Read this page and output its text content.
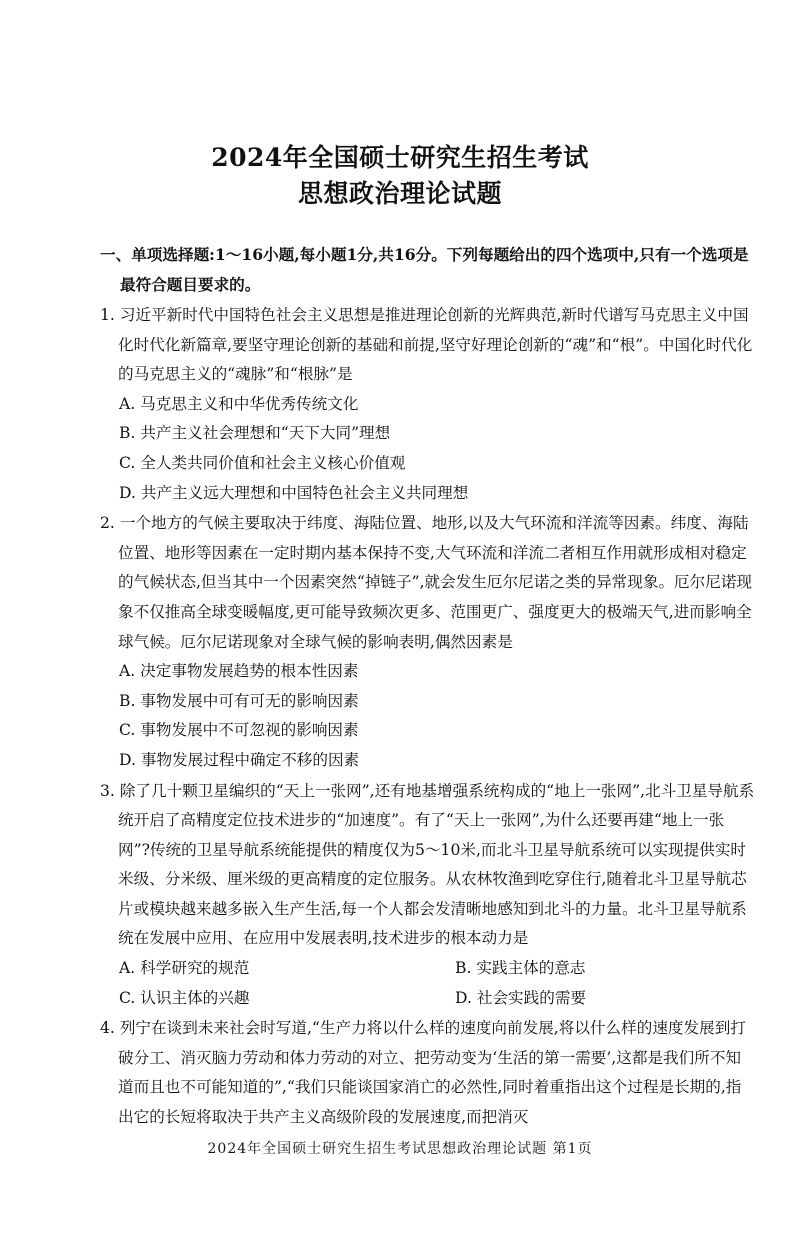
2024年全国硕士研究生招生考试

思想政治理论试题

一、单项选择题:1～16小题,每小题1分,共16分。下列每题给出的四个选项中,只有一个选项是最符合题目要求的。

1. 习近平新时代中国特色社会主义思想是推进理论创新的光辉典范,新时代谱写马克思主义中国化时代化新篇章,要坚守理论创新的基础和前提,坚守好理论创新的“魂”和“根”。中国化时代化的马克思主义的“魂脉”和“根脉”是

A. 马克思主义和中华优秀传统文化
B. 共产主义社会理想和“天下大同”理想
C. 全人类共同价值和社会主义核心价值观
D. 共产主义远大理想和中国特色社会主义共同理想

2. 一个地方的气候主要取决于纬度、海陆位置、地形,以及大气环流和洋流等因素。纬度、海陆位置、地形等因素在一定时期内基本保持不变,大气环流和洋流二者相互作用就形成相对稳定的气候状态,但当其中一个因素突然“掉链子”,就会发生厄尔尼诺之类的异常现象。厄尔尼诺现象不仅推高全球变暖幅度,更可能导致频次更多、范围更广、强度更大的极端天气,进而影响全球气候。厄尔尼诺现象对全球气候的影响表明,偶然因素是

A. 决定事物发展趋势的根本性因素
B. 事物发展中可有可无的影响因素
C. 事物发展中不可忽视的影响因素
D. 事物发展过程中确定不移的因素

3. 除了几十颗卫星编织的“天上一张网”,还有地基增强系统构成的“地上一张网”,北斗卫星导航系统开启了高精度定位技术进步的“加速度”。有了“天上一张网”,为什么还要再建“地上一张网”?传统的卫星导航系统能提供的精度仅为5～10米,而北斗卫星导航系统可以实现提供实时米级、分米级、厘米级的更高精度的定位服务。从农林牧渔到吃穿住行,随着北斗卫星导航芯片或模块越来越多嵌入生产生活,每一个人都会发清晰地感知到北斗的力量。北斗卫星导航系统在发展中应用、在应用中发展表明,技术进步的根本动力是

A. 科学研究的规范	B. 实践主体的意志
C. 认识主体的兴趣	D. 社会实践的需要

4. 列宁在谈到未来社会时写道,“生产力将以什么样的速度向前发展,将以什么样的速度发展到打破分工、消灭脑力劳动和体力劳动的对立、把劳动变为‘生活的第一需要’,这都是我们所不知道而且也不可能知道的”,“我们只能谈国家消亡的必然性,同时着重指出这个过程是长期的,指出它的长短将取决于共产主义高级阶段的发展速度,而把消灭

2024年全国硕士研究生招生考试思想政治理论试题 第1页
